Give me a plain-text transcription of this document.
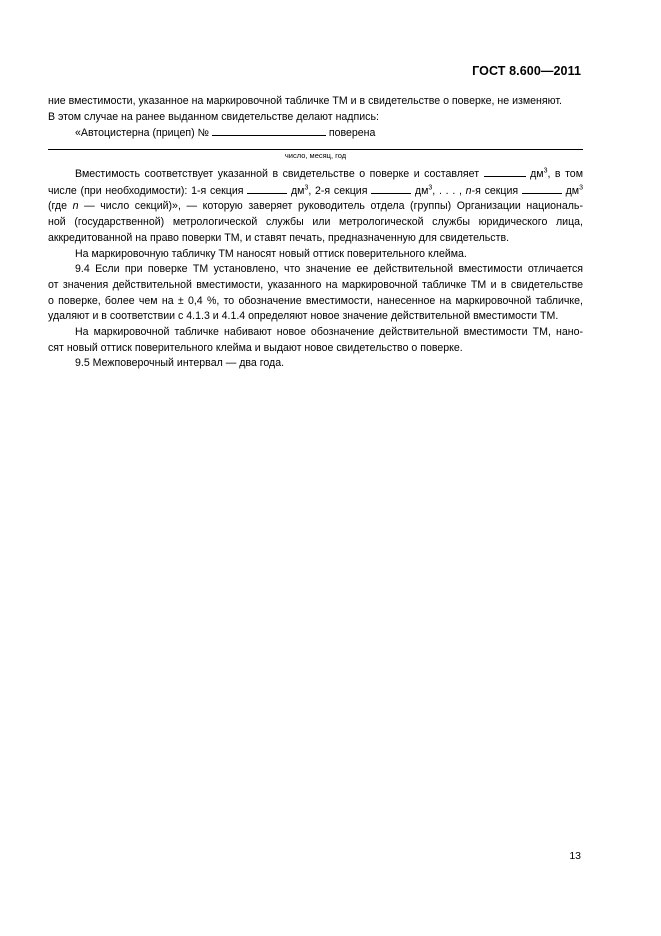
ГОСТ 8.600—2011

ние вместимости, указанное на маркировочной табличке ТМ и в свидетельстве о поверке, не изменяют.

В этом случае на ранее выданном свидетельстве делают надпись:

«Автоцистерна (прицеп) №	поверена

число, месяц, год

Вместимость соответствует указанной в свидетельстве о поверке и составляет	$дм^3$, в том

числе (при необходимости): 1-я секция	$дм^3$, 2-я секция	$дм^3$, . . . , n-я секция	$дм^3$

(где n — число секций)», — которую заверяет руководитель отдела (группы) Организации националь-

ной (государственной) метрологической службы или метрологической службы юридического лица,

аккредитованной на право поверки ТМ, и ставят печать, предназначенную для свидетельств.

На маркировочную табличку ТМ наносят новый оттиск поверительного клейма.

9.4 Если при поверке ТМ установлено, что значение ее действительной вместимости отличается

от значения действительной вместимости, указанного на маркировочной табличке ТМ и в свидетельстве

о поверке, более чем на ± 0,4 %, то обозначение вместимости, нанесенное на маркировочной табличке,

удаляют и в соответствии с 4.1.3 и 4.1.4 определяют новое значение действительной вместимости ТМ.

На маркировочной табличке набивают новое обозначение действительной вместимости ТМ, нано-

сят новый оттиск поверительного клейма и выдают новое свидетельство о поверке.

9.5 Межповерочный интервал — два года.

13
